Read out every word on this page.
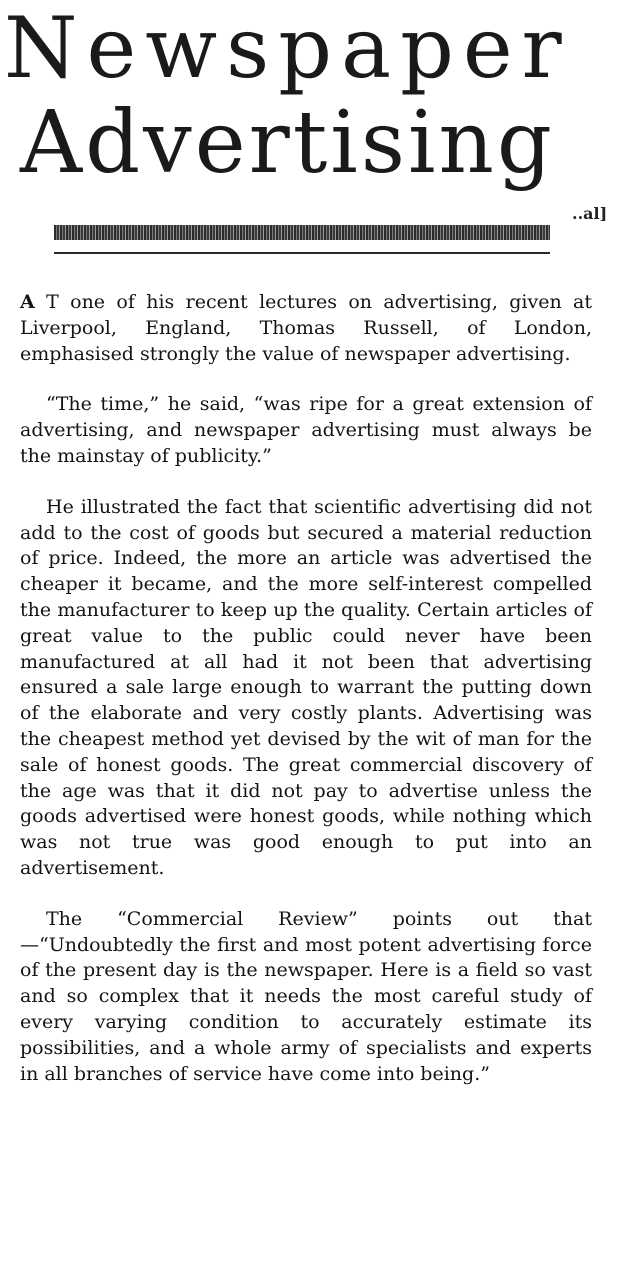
Newspaper
Advertising
..al]

A T one of his recent lectures on advertising, given at Liverpool, England, Thomas Russell, of London, emphasised strongly the value of newspaper advertising.

“The time,” he said, “was ripe for a great extension of advertising, and newspaper advertising must always be the mainstay of publicity.”

He illustrated the fact that scientific advertising did not add to the cost of goods but secured a material reduction of price. Indeed, the more an article was advertised the cheaper it became, and the more self-interest compelled the manufacturer to keep up the quality. Certain articles of great value to the public could never have been manufactured at all had it not been that advertising ensured a sale large enough to warrant the putting down of the elaborate and very costly plants. Advertising was the cheapest method yet devised by the wit of man for the sale of honest goods. The great commercial discovery of the age was that it did not pay to advertise unless the goods advertised were honest goods, while nothing which was not true was good enough to put into an advertisement.

The “Commercial Review” points out that—“Undoubtedly the first and most potent advertising force of the present day is the newspaper. Here is a field so vast and so complex that it needs the most careful study of every varying condition to accurately estimate its possibilities, and a whole army of specialists and experts in all branches of service have come into being.”
